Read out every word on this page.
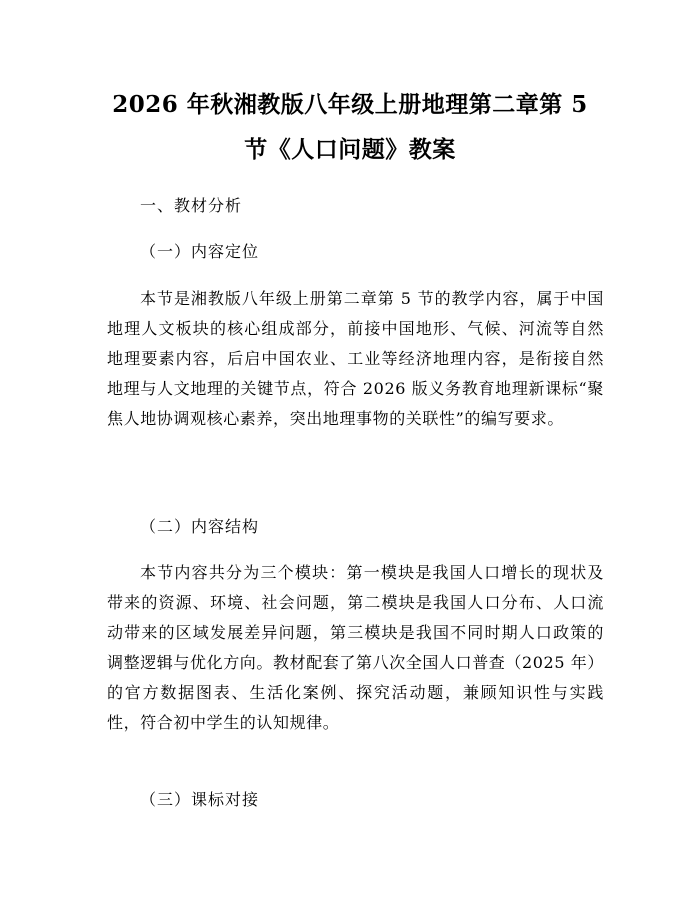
2026 年秋湘教版八年级上册地理第二章第 5
节《人口问题》教案
一、教材分析
（一）内容定位
本节是湘教版八年级上册第二章第 5 节的教学内容，属于中国地理人文板块的核心组成部分，前接中国地形、气候、河流等自然地理要素内容，后启中国农业、工业等经济地理内容，是衔接自然地理与人文地理的关键节点，符合 2026 版义务教育地理新课标“聚焦人地协调观核心素养，突出地理事物的关联性”的编写要求。
（二）内容结构
本节内容共分为三个模块：第一模块是我国人口增长的现状及带来的资源、环境、社会问题，第二模块是我国人口分布、人口流动带来的区域发展差异问题，第三模块是我国不同时期人口政策的调整逻辑与优化方向。教材配套了第八次全国人口普查（2025 年）的官方数据图表、生活化案例、探究活动题，兼顾知识性与实践性，符合初中学生的认知规律。
（三）课标对接
